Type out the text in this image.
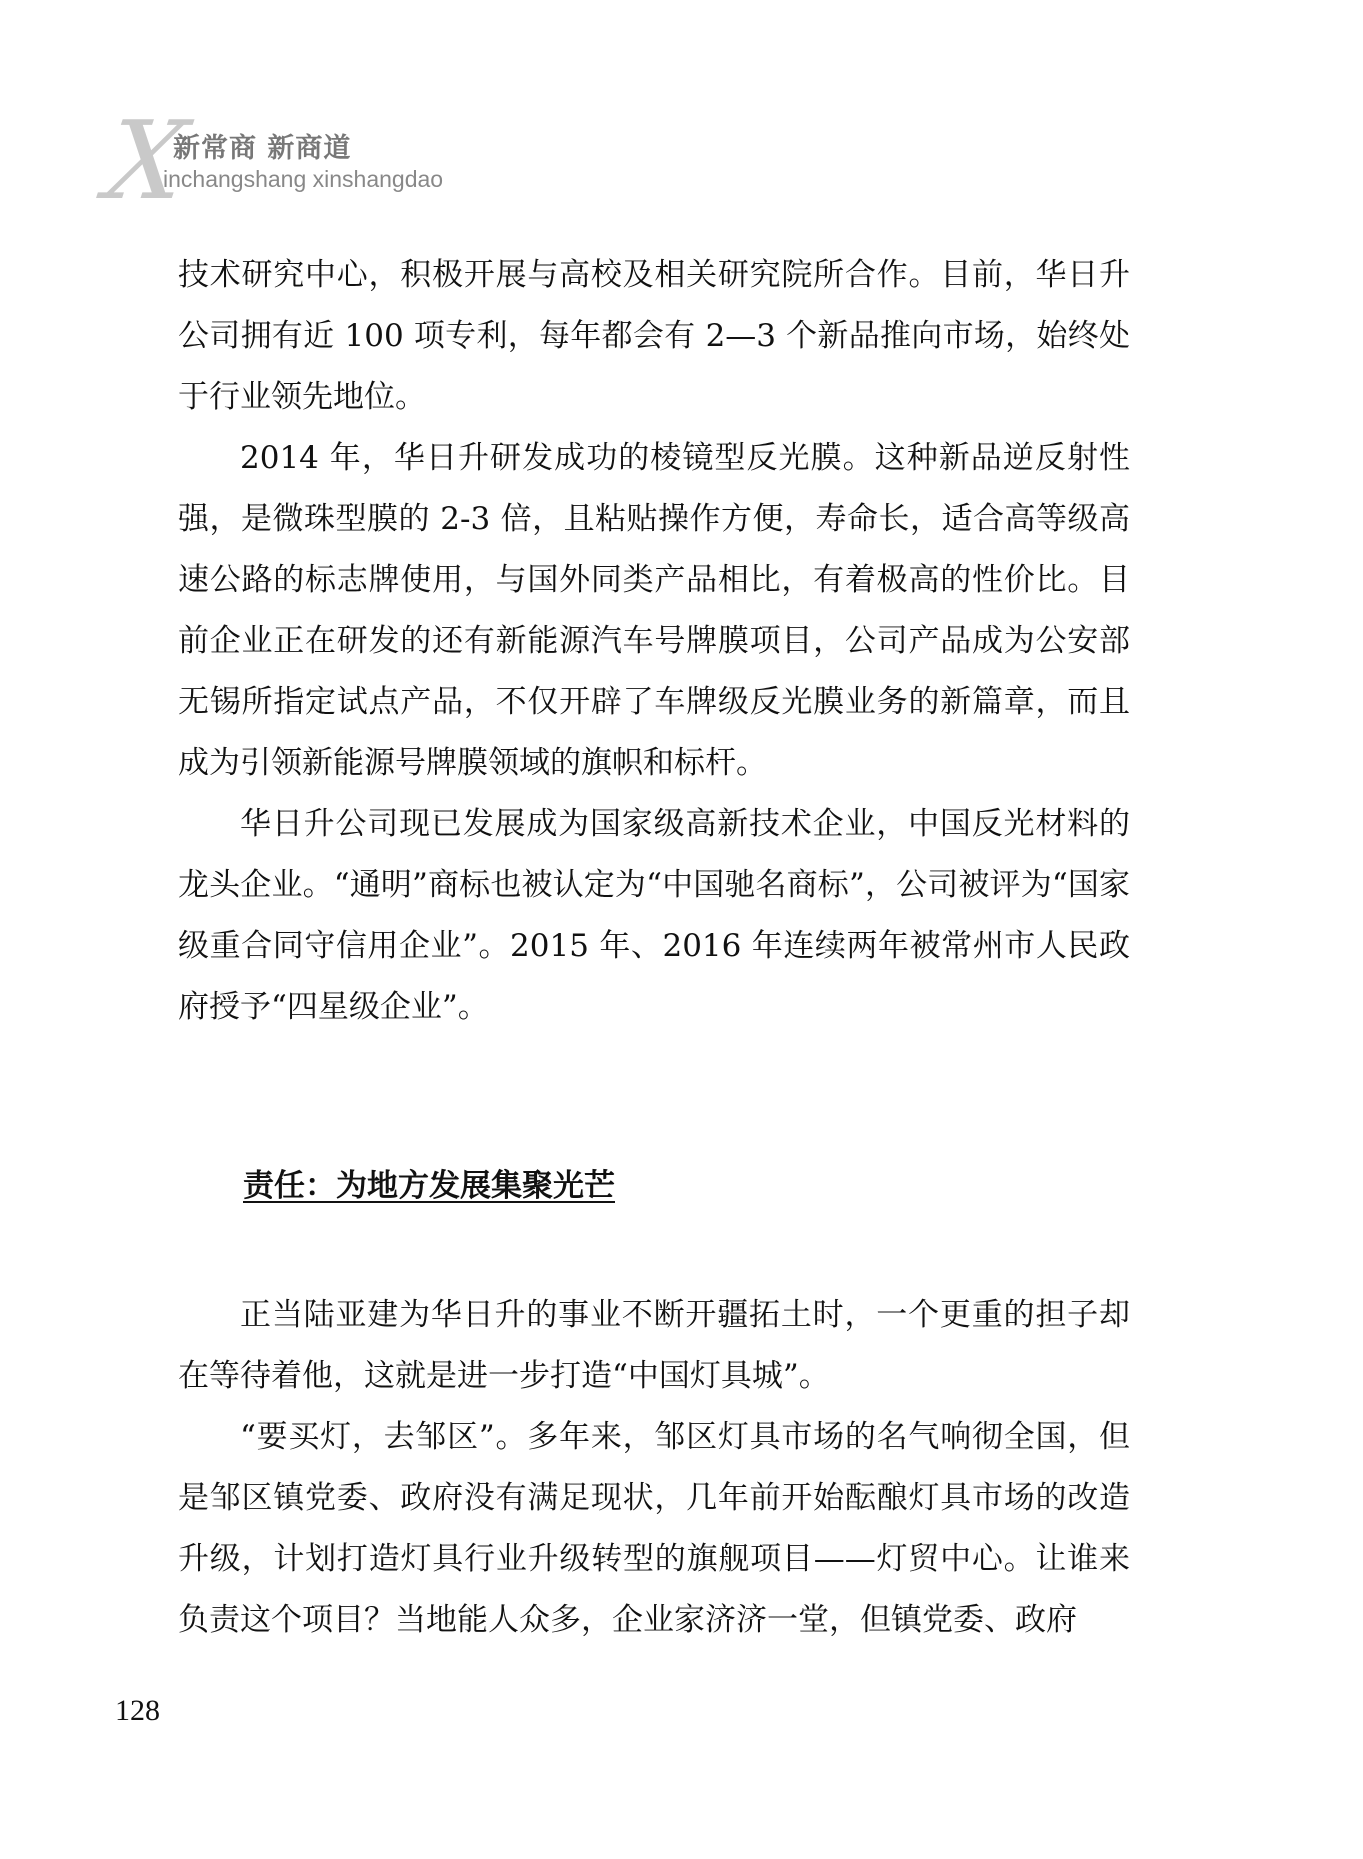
X
新常商 新商道
inchangshang xinshangdao

技术研究中心，积极开展与高校及相关研究院所合作。目前，华日升公司拥有近 100 项专利，每年都会有 2—3 个新品推向市场，始终处于行业领先地位。

2014 年，华日升研发成功的棱镜型反光膜。这种新品逆反射性强，是微珠型膜的 2-3 倍，且粘贴操作方便，寿命长，适合高等级高速公路的标志牌使用，与国外同类产品相比，有着极高的性价比。目前企业正在研发的还有新能源汽车号牌膜项目，公司产品成为公安部无锡所指定试点产品，不仅开辟了车牌级反光膜业务的新篇章，而且成为引领新能源号牌膜领域的旗帜和标杆。

华日升公司现已发展成为国家级高新技术企业，中国反光材料的龙头企业。“通明”商标也被认定为“中国驰名商标”，公司被评为“国家级重合同守信用企业”。2015 年、2016 年连续两年被常州市人民政府授予“四星级企业”。

责任：为地方发展集聚光芒

正当陆亚建为华日升的事业不断开疆拓土时，一个更重的担子却在等待着他，这就是进一步打造“中国灯具城”。

“要买灯，去邹区”。多年来，邹区灯具市场的名气响彻全国，但是邹区镇党委、政府没有满足现状，几年前开始酝酿灯具市场的改造升级，计划打造灯具行业升级转型的旗舰项目——灯贸中心。让谁来负责这个项目？当地能人众多，企业家济济一堂，但镇党委、政府

128
